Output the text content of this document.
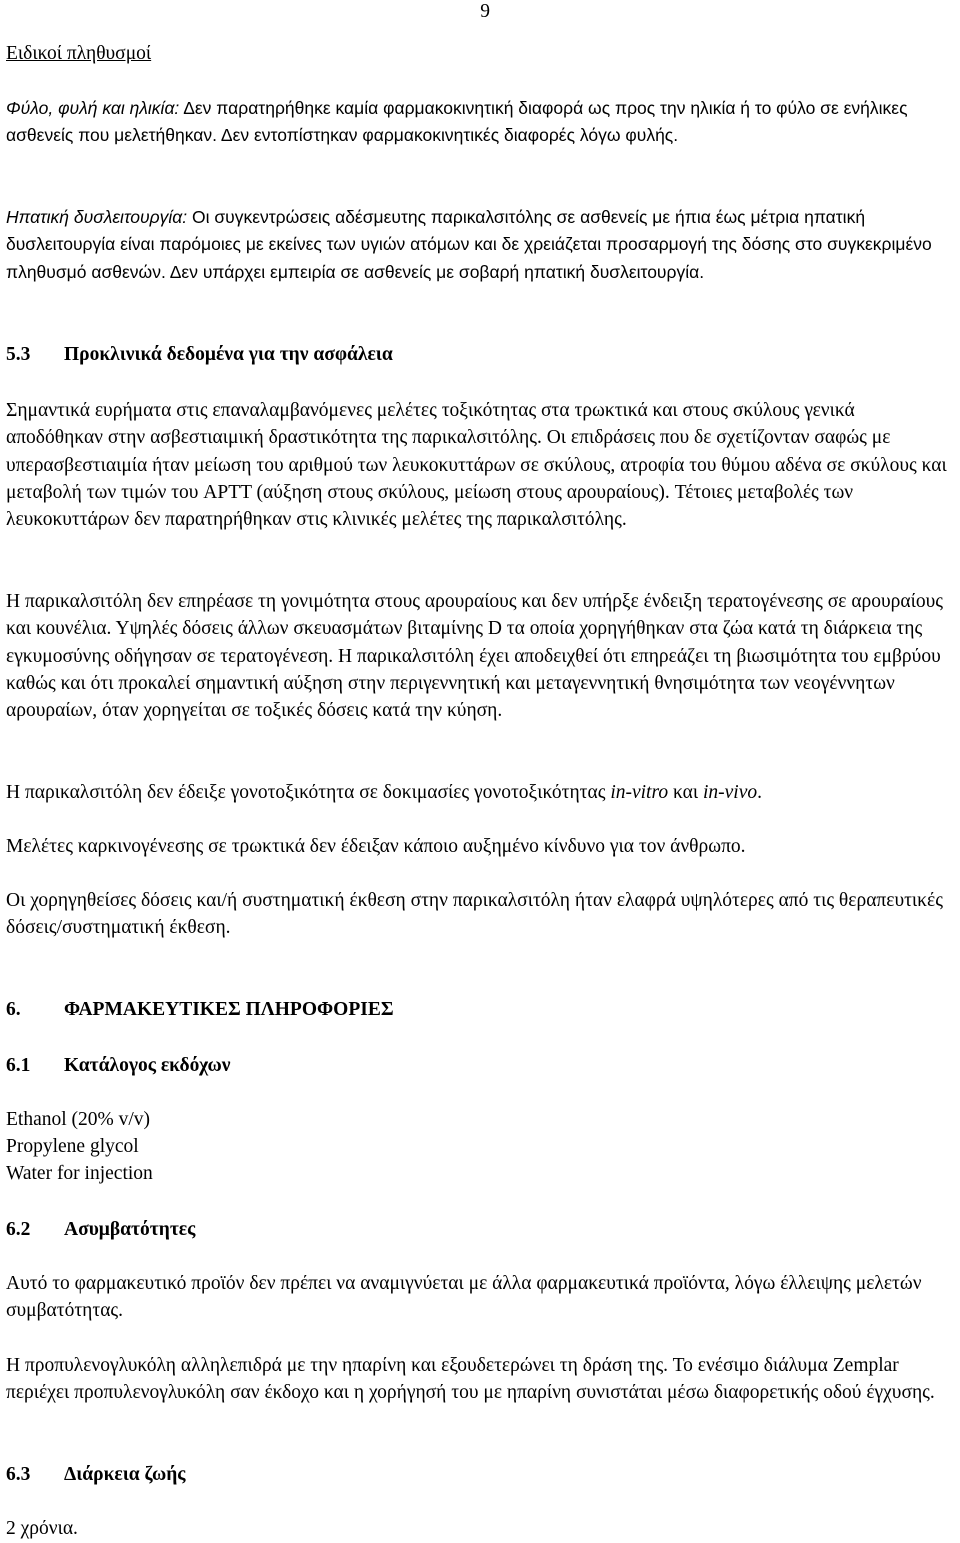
9
Ειδικοί πληθυσμοί

Φύλο, φυλή και ηλικία: Δεν παρατηρήθηκε καμία φαρμακοκινητική διαφορά ως προς την ηλικία ή το φύλο σε ενήλικες ασθενείς που μελετήθηκαν. Δεν εντοπίστηκαν φαρμακοκινητικές διαφορές λόγω φυλής.

Ηπατική δυσλειτουργία: Οι συγκεντρώσεις αδέσμευτης παρικαλσιτόλης σε ασθενείς με ήπια έως μέτρια ηπατική δυσλειτουργία είναι παρόμοιες με εκείνες των υγιών ατόμων και δε χρειάζεται προσαρμογή της δόσης στο συγκεκριμένο πληθυσμό ασθενών. Δεν υπάρχει εμπειρία σε ασθενείς με σοβαρή ηπατική δυσλειτουργία.

5.3 Προκλινικά δεδομένα για την ασφάλεια

Σημαντικά ευρήματα στις επαναλαμβανόμενες μελέτες τοξικότητας στα τρωκτικά και στους σκύλους γενικά αποδόθηκαν στην ασβεστιαιμική δραστικότητα της παρικαλσιτόλης. Οι επιδράσεις που δε σχετίζονταν σαφώς με υπερασβεστιαιμία ήταν μείωση του αριθμού των λευκοκυττάρων σε σκύλους, ατροφία του θύμου αδένα σε σκύλους και μεταβολή των τιμών του APTT (αύξηση στους σκύλους, μείωση στους αρουραίους). Τέτοιες μεταβολές των λευκοκυττάρων δεν παρατηρήθηκαν στις κλινικές μελέτες της παρικαλσιτόλης.

Η παρικαλσιτόλη δεν επηρέασε τη γονιμότητα στους αρουραίους και δεν υπήρξε ένδειξη τερατογένεσης σε αρουραίους και κουνέλια. Υψηλές δόσεις άλλων σκευασμάτων βιταμίνης D τα οποία χορηγήθηκαν στα ζώα κατά τη διάρκεια της εγκυμοσύνης οδήγησαν σε τερατογένεση. Η παρικαλσιτόλη έχει αποδειχθεί ότι επηρεάζει τη βιωσιμότητα του εμβρύου καθώς και ότι προκαλεί σημαντική αύξηση στην περιγεννητική και μεταγεννητική θνησιμότητα των νεογέννητων αρουραίων, όταν χορηγείται σε τοξικές δόσεις κατά την κύηση.

Η παρικαλσιτόλη δεν έδειξε γονοτοξικότητα σε δοκιμασίες γονοτοξικότητας in-vitro και in-vivo.

Μελέτες καρκινογένεσης σε τρωκτικά δεν έδειξαν κάποιο αυξημένο κίνδυνο για τον άνθρωπο.

Οι χορηγηθείσες δόσεις και/ή συστηματική έκθεση στην παρικαλσιτόλη ήταν ελαφρά υψηλότερες από τις θεραπευτικές δόσεις/συστηματική έκθεση.

6. ΦΑΡΜΑΚΕΥΤΙΚΕΣ ΠΛΗΡΟΦΟΡΙΕΣ
6.1 Κατάλογος εκδόχων
Ethanol (20% v/v)
Propylene glycol
Water for injection
6.2 Ασυμβατότητες

Αυτό το φαρμακευτικό προϊόν δεν πρέπει να αναμιγνύεται με άλλα φαρμακευτικά προϊόντα, λόγω έλλειψης μελετών συμβατότητας.

Η προπυλενογλυκόλη αλληλεπιδρά με την ηπαρίνη και εξουδετερώνει τη δράση της. Το ενέσιμο διάλυμα Zemplar περιέχει προπυλενογλυκόλη σαν έκδοχο και η χορήγησή του με ηπαρίνη συνιστάται μέσω διαφορετικής οδού έγχυσης.

6.3 Διάρκεια ζωής
2 χρόνια.
